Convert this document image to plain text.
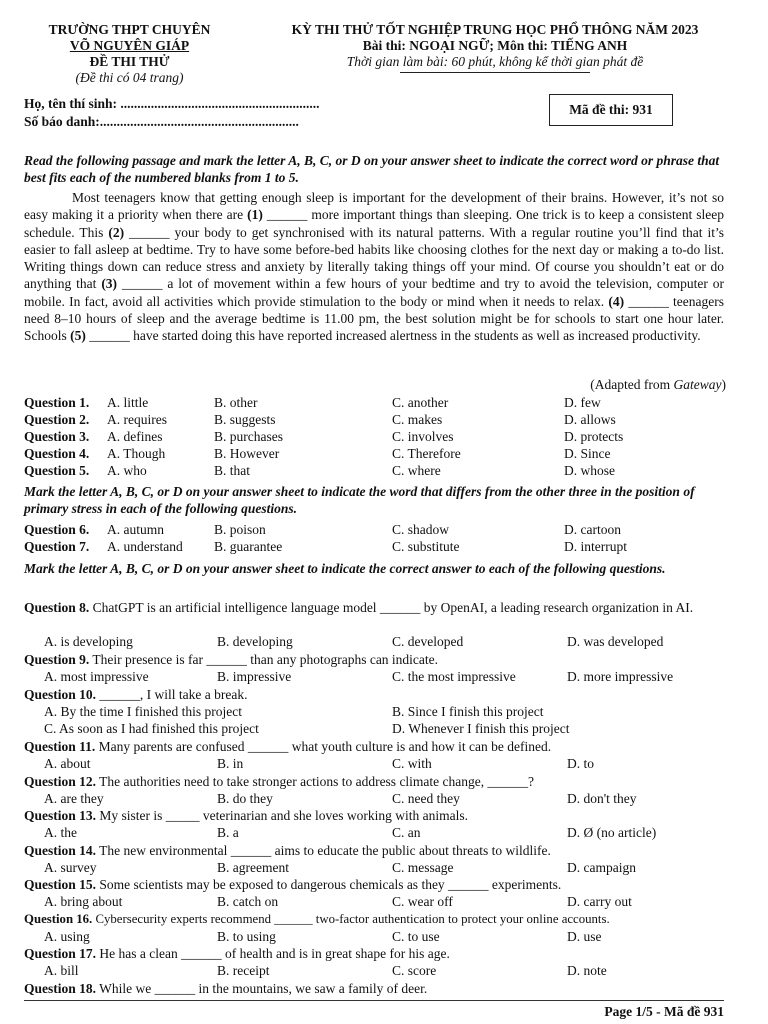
TRƯỜNG THPT CHUYÊN
VÕ NGUYÊN GIÁP
ĐỀ THI THỬ
(Đề thi có 04 trang)
KỲ THI THỬ TỐT NGHIỆP TRUNG HỌC PHỔ THÔNG NĂM 2023
Bài thi: NGOẠI NGỮ; Môn thi: TIẾNG ANH
Thời gian làm bài: 60 phút, không kể thời gian phát đề
Họ, tên thí sinh: ...........................................................
Số báo danh:...........................................................
Mã đề thi: 931
Read the following passage and mark the letter A, B, C, or D on your answer sheet to indicate the correct word or phrase that best fits each of the numbered blanks from 1 to 5.

Most teenagers know that getting enough sleep is important for the development of their brains. However, it’s not so easy making it a priority when there are (1) ______ more important things than sleeping. One trick is to keep a consistent sleep schedule. This (2) ______ your body to get synchronised with its natural patterns. With a regular routine you’ll find that it’s easier to fall asleep at bedtime. Try to have some before-bed habits like choosing clothes for the next day or making a to-do list. Writing things down can reduce stress and anxiety by literally taking things off your mind. Of course you shouldn’t eat or do anything that (3) ______ a lot of movement within a few hours of your bedtime and try to avoid the television, computer or mobile. In fact, avoid all activities which provide stimulation to the body or mind when it needs to relax. (4) ______ teenagers need 8–10 hours of sleep and the average bedtime is 11.00 pm, the best solution might be for schools to start one hour later. Schools (5) ______ have started doing this have reported increased alertness in the students as well as increased productivity.

(Adapted from Gateway)
Question 1. A. little	B. other	C. another	D. few
Question 2. A. requires	B. suggests	C. makes	D. allows
Question 3. A. defines	B. purchases	C. involves	D. protects
Question 4. A. Though	B. However	C. Therefore	D. Since
Question 5. A. who	B. that	C. where	D. whose
Mark the letter A, B, C, or D on your answer sheet to indicate the word that differs from the other three in the position of primary stress in each of the following questions.
Question 6. A. autumn	B. poison	C. shadow	D. cartoon
Question 7. A. understand B. guarantee	C. substitute	D. interrupt
Mark the letter A, B, C, or D on your answer sheet to indicate the correct answer to each of the following questions.
Question 8. ChatGPT is an artificial intelligence language model ______ by OpenAI, a leading research organization in AI.
A. is developing	B. developing	C. developed	D. was developed
Question 9. Their presence is far ______ than any photographs can indicate.
A. most impressive	B. impressive	C. the most impressive	D. more impressive
Question 10. ______, I will take a break.
A. By the time I finished this project	B. Since I finish this project
C. As soon as I had finished this project	D. Whenever I finish this project
Question 11. Many parents are confused ______ what youth culture is and how it can be defined.
A. about	B. in	C. with	D. to
Question 12. The authorities need to take stronger actions to address climate change, ______?
A. are they	B. do they	C. need they	D. don't they
Question 13. My sister is _____ veterinarian and she loves working with animals.
A. the	B. a	C. an	D. Ø (no article)
Question 14. The new environmental ______ aims to educate the public about threats to wildlife.
A. survey	B. agreement	C. message	D. campaign
Question 15. Some scientists may be exposed to dangerous chemicals as they ______ experiments.
A. bring about	B. catch on	C. wear off	D. carry out
Question 16. Cybersecurity experts recommend ______ two-factor authentication to protect your online accounts.
A. using	B. to using	C. to use	D. use
Question 17. He has a clean ______ of health and is in great shape for his age.
A. bill	B. receipt	C. score	D. note
Question 18. While we ______ in the mountains, we saw a family of deer.
Page 1/5 - Mã đề 931
